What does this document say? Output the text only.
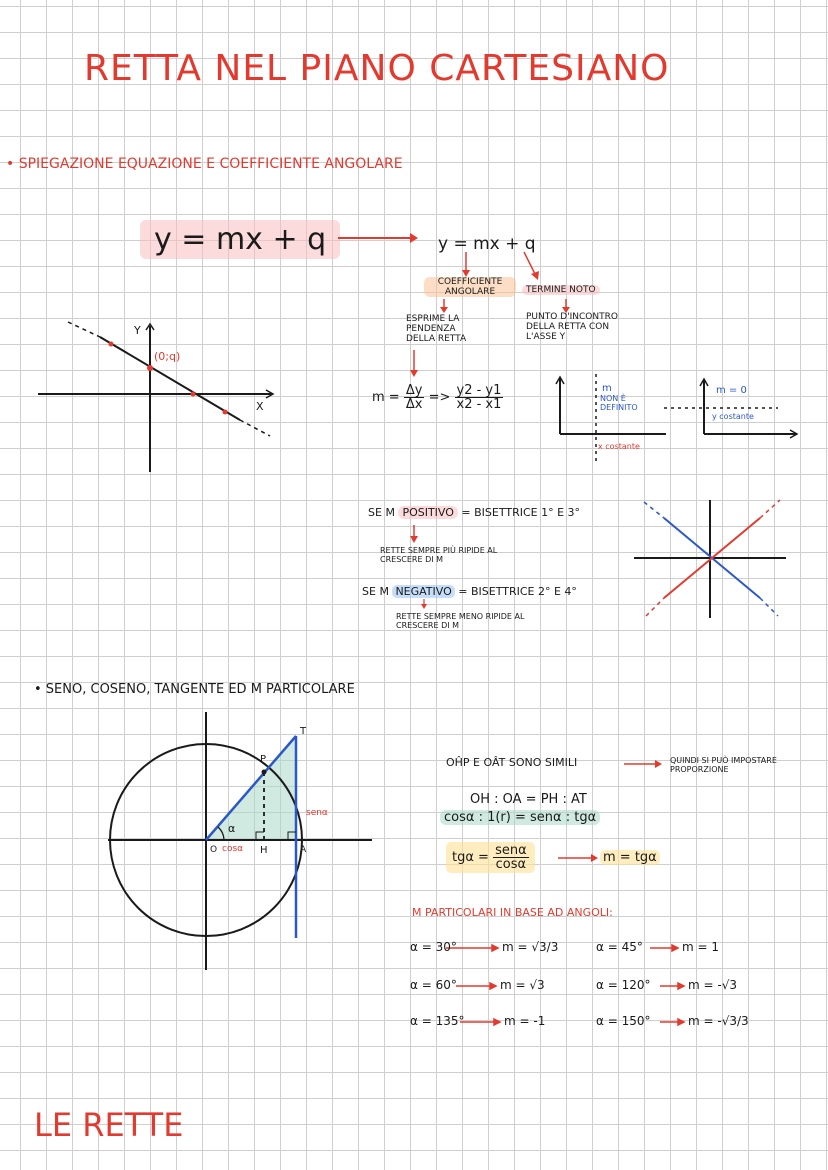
RETTA NEL PIANO CARTESIANO
• SPIEGAZIONE EQUAZIONE E COEFFICIENTE ANGOLARE
y = mx + q
Y
X
(0;q)
y = mx + q
COEFFICIENTE ANGOLARE	TERMINE NOTO
ESPRIME LA PENDENZA DELLA RETTA
PUNTO D'INCONTRO DELLA RETTA CON L'ASSE Y
$m = \frac{\Delta y}{\Delta x} => \frac{y2 - y1}{x2 - x1}$	m
NON È DEFINITO
x costante
m = 0
y costante
SE M POSITIVO = BISETTRICE 1° E 3°
RETTE SEMPRE PIÙ RIPIDE AL CRESCERE DI M
SE M NEGATIVO = BISETTRICE 2° E 4°
RETTE SEMPRE MENO RIPIDE AL CRESCERE DI M
• SENO, COSENO, TANGENTE ED M PARTICOLARE
T
P
O cosα H	A
senα
α
OĤP E OÂT SONO SIMILI	QUINDI SI PUÒ IMPOSTARE PROPORZIONE
OH : OA = PH : AT
cosα : 1(r) = senα : tgα
$tg\alpha = \frac{\text{senα}}{\cos\alpha}$	m = tgα
M PARTICOLARI IN BASE AD ANGOLI:
α = 30°	m = √3/3	α = 45°	m = 1
α = 60°	m = √3	α = 120°	m = -√3
α = 135°	m = -1	α = 150°	m = -√3/3
LE RETTE
